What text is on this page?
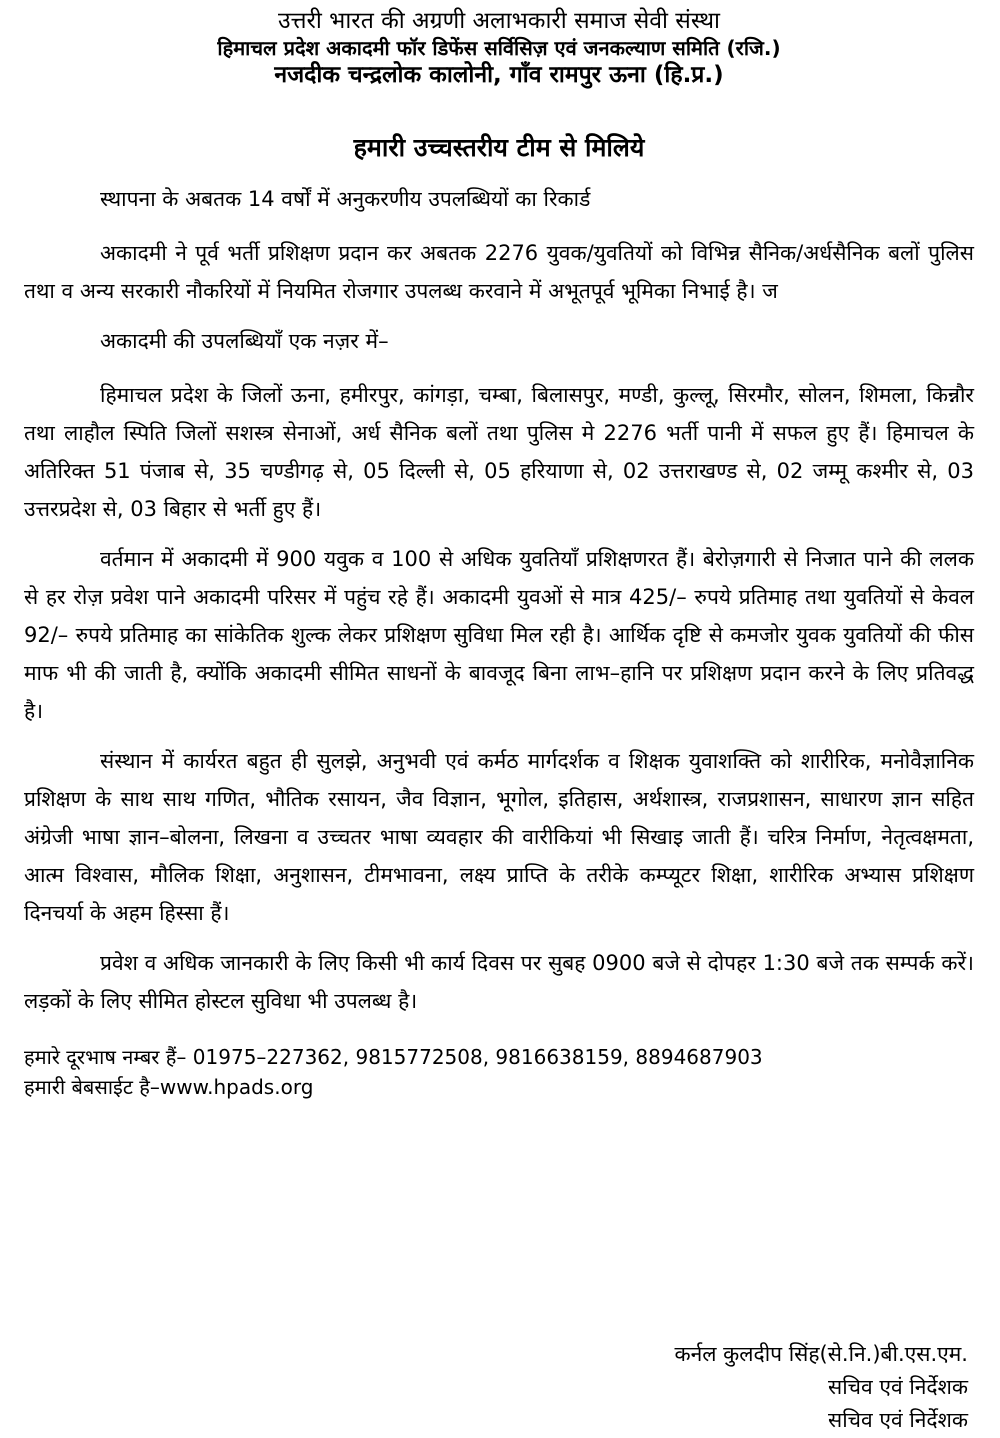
उत्तरी भारत की अग्रणी अलाभकारी समाज सेवी संस्था

हिमाचल प्रदेश अकादमी फॉर डिफेंस सर्विसिज़ एवं जनकल्याण समिति (रजि.)

नजदीक चन्द्रलोक कालोनी, गाँव रामपुर ऊना (हि.प्र.)

हमारी उच्चस्तरीय टीम से मिलिये

स्थापना के अबतक 14 वर्षों में अनुकरणीय उपलब्धियों का रिकार्ड

अकादमी ने पूर्व भर्ती प्रशिक्षण प्रदान कर अबतक 2276 युवक/युवतियों को विभिन्न सैनिक/अर्धसैनिक बलों पुलिस तथा व अन्य सरकारी नौकरियों में नियमित रोजगार उपलब्ध करवाने में अभूतपूर्व भूमिका निभाई है। ज

अकादमी की उपलब्धियाँ एक नज़र में–

हिमाचल प्रदेश के जिलों ऊना, हमीरपुर, कांगड़ा, चम्बा, बिलासपुर, मण्डी, कुल्लू, सिरमौर, सोलन, शिमला, किन्नौर तथा लाहौल स्पिति जिलों सशस्त्र सेनाओं, अर्ध सैनिक बलों तथा पुलिस मे 2276 भर्ती पानी में सफल हुए हैं। हिमाचल के अतिरिक्त 51 पंजाब से, 35 चण्डीगढ़ से, 05 दिल्ली से, 05 हरियाणा से, 02 उत्तराखण्ड से, 02 जम्मू कश्मीर से, 03 उत्तरप्रदेश से, 03 बिहार से भर्ती हुए हैं।

वर्तमान में अकादमी में 900 यवुक व 100 से अधिक युवतियाँ प्रशिक्षणरत हैं। बेरोज़गारी से निजात पाने की ललक से हर रोज़ प्रवेश पाने अकादमी परिसर में पहुंच रहे हैं। अकादमी युवओं से मात्र 425/– रुपये प्रतिमाह तथा युवतियों से केवल 92/– रुपये प्रतिमाह का सांकेतिक शुल्क लेकर प्रशिक्षण सुविधा मिल रही है। आर्थिक दृष्टि से कमजोर युवक युवतियों की फीस माफ भी की जाती है, क्योंकि अकादमी सीमित साधनों के बावजूद बिना लाभ–हानि पर प्रशिक्षण प्रदान करने के लिए प्रतिवद्ध है।

संस्थान में कार्यरत बहुत ही सुलझे, अनुभवी एवं कर्मठ मार्गदर्शक व शिक्षक युवाशक्ति को शारीरिक, मनोवैज्ञानिक प्रशिक्षण के साथ साथ गणित, भौतिक रसायन, जैव विज्ञान, भूगोल, इतिहास, अर्थशास्त्र, राजप्रशासन, साधारण ज्ञान सहित अंग्रेजी भाषा ज्ञान–बोलना, लिखना व उच्चतर भाषा व्यवहार की वारीकियां भी सिखाइ जाती हैं। चरित्र निर्माण, नेतृत्वक्षमता, आत्म विश्वास, मौलिक शिक्षा, अनुशासन, टीमभावना, लक्ष्य प्राप्ति के तरीके कम्प्यूटर शिक्षा, शारीरिक अभ्यास प्रशिक्षण दिनचर्या के अहम हिस्सा हैं।

प्रवेश व अधिक जानकारी के लिए किसी भी कार्य दिवस पर सुबह 0900 बजे से दोपहर 1:30 बजे तक सम्पर्क करें। लड़कों के लिए सीमित होस्टल सुविधा भी उपलब्ध है।

हमारे दूरभाष नम्बर हैं– 01975–227362, 9815772508, 9816638159, 8894687903
हमारी बेबसाईट है–www.hpads.org
कर्नल कुलदीप सिंह(से.नि.)बी.एस.एम.
सचिव एवं निर्देशक
सचिव एवं निर्देशक
